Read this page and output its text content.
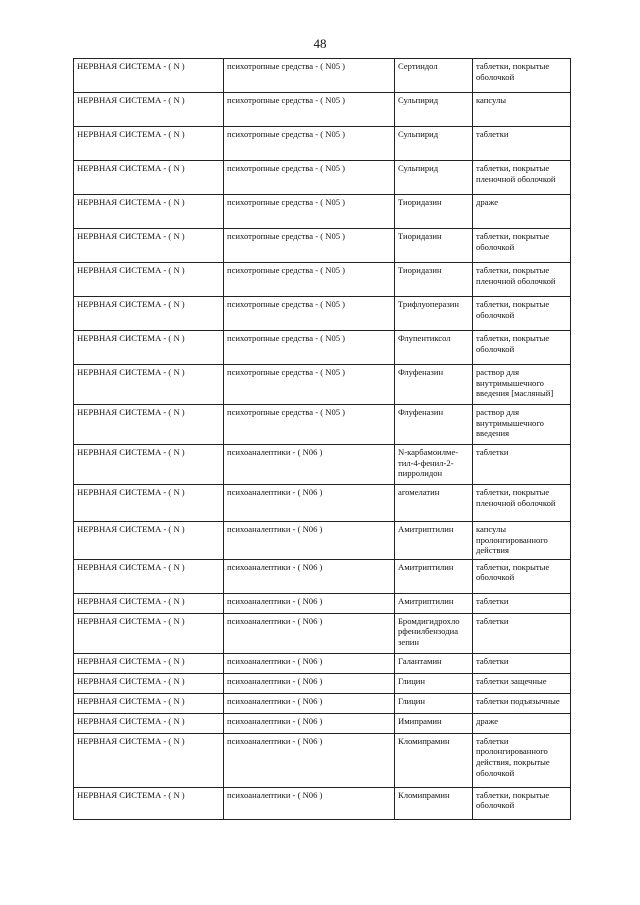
48
НЕРВНАЯ СИСТЕМА - ( N )	психотропные средства - ( N05 )	Сертиндол	таблетки, покрытые
оболочкой
НЕРВНАЯ СИСТЕМА - ( N )	психотропные средства - ( N05 )	Сульпирид	капсулы
НЕРВНАЯ СИСТЕМА - ( N )	психотропные средства - ( N05 )	Сульпирид	таблетки
НЕРВНАЯ СИСТЕМА - ( N )	психотропные средства - ( N05 )	Сульпирид	таблетки, покрытые
пленочной оболочкой
НЕРВНАЯ СИСТЕМА - ( N )	психотропные средства - ( N05 )	Тиоридазин	драже
НЕРВНАЯ СИСТЕМА - ( N )	психотропные средства - ( N05 )	Тиоридазин	таблетки, покрытые
оболочкой
НЕРВНАЯ СИСТЕМА - ( N )	психотропные средства - ( N05 )	Тиоридазин	таблетки, покрытые
пленочной оболочкой
НЕРВНАЯ СИСТЕМА - ( N )	психотропные средства - ( N05 )	Трифлуоперазин	таблетки, покрытые
оболочкой
НЕРВНАЯ СИСТЕМА - ( N )	психотропные средства - ( N05 )	Флупентиксол	таблетки, покрытые
оболочкой
НЕРВНАЯ СИСТЕМА - ( N )	психотропные средства - ( N05 )	Флуфеназин	раствор для
внутримышечного
введения [масляный]
НЕРВНАЯ СИСТЕМА - ( N )	психотропные средства - ( N05 )	Флуфеназин	раствор для
внутримышечного
введения
НЕРВНАЯ СИСТЕМА - ( N )	психоаналептики - ( N06 )	N-карбамоилме-
тил-4-фенил-2-
пирролидон	таблетки
НЕРВНАЯ СИСТЕМА - ( N )	психоаналептики - ( N06 )	агомелатин	таблетки, покрытые
пленочной оболочкой
НЕРВНАЯ СИСТЕМА - ( N )	психоаналептики - ( N06 )	Амитриптилин	капсулы
пролонгированного
действия
НЕРВНАЯ СИСТЕМА - ( N )	психоаналептики - ( N06 )	Амитриптилин	таблетки, покрытые
оболочкой
НЕРВНАЯ СИСТЕМА - ( N )	психоаналептики - ( N06 )	Амитриптилин	таблетки
НЕРВНАЯ СИСТЕМА - ( N )	психоаналептики - ( N06 )	Бромдигидрохло
рфенилбензодиа
зепин	таблетки
НЕРВНАЯ СИСТЕМА - ( N )	психоаналептики - ( N06 )	Галантамин	таблетки
НЕРВНАЯ СИСТЕМА - ( N )	психоаналептики - ( N06 )	Глицин	таблетки защечные
НЕРВНАЯ СИСТЕМА - ( N )	психоаналептики - ( N06 )	Глицин	таблетки подъязычные
НЕРВНАЯ СИСТЕМА - ( N )	психоаналептики - ( N06 )	Имипрамин	драже
НЕРВНАЯ СИСТЕМА - ( N )	психоаналептики - ( N06 )	Кломипрамин	таблетки
пролонгированного
действия, покрытые
оболочкой
НЕРВНАЯ СИСТЕМА - ( N )	психоаналептики - ( N06 )	Кломипрамин	таблетки, покрытые
оболочкой
